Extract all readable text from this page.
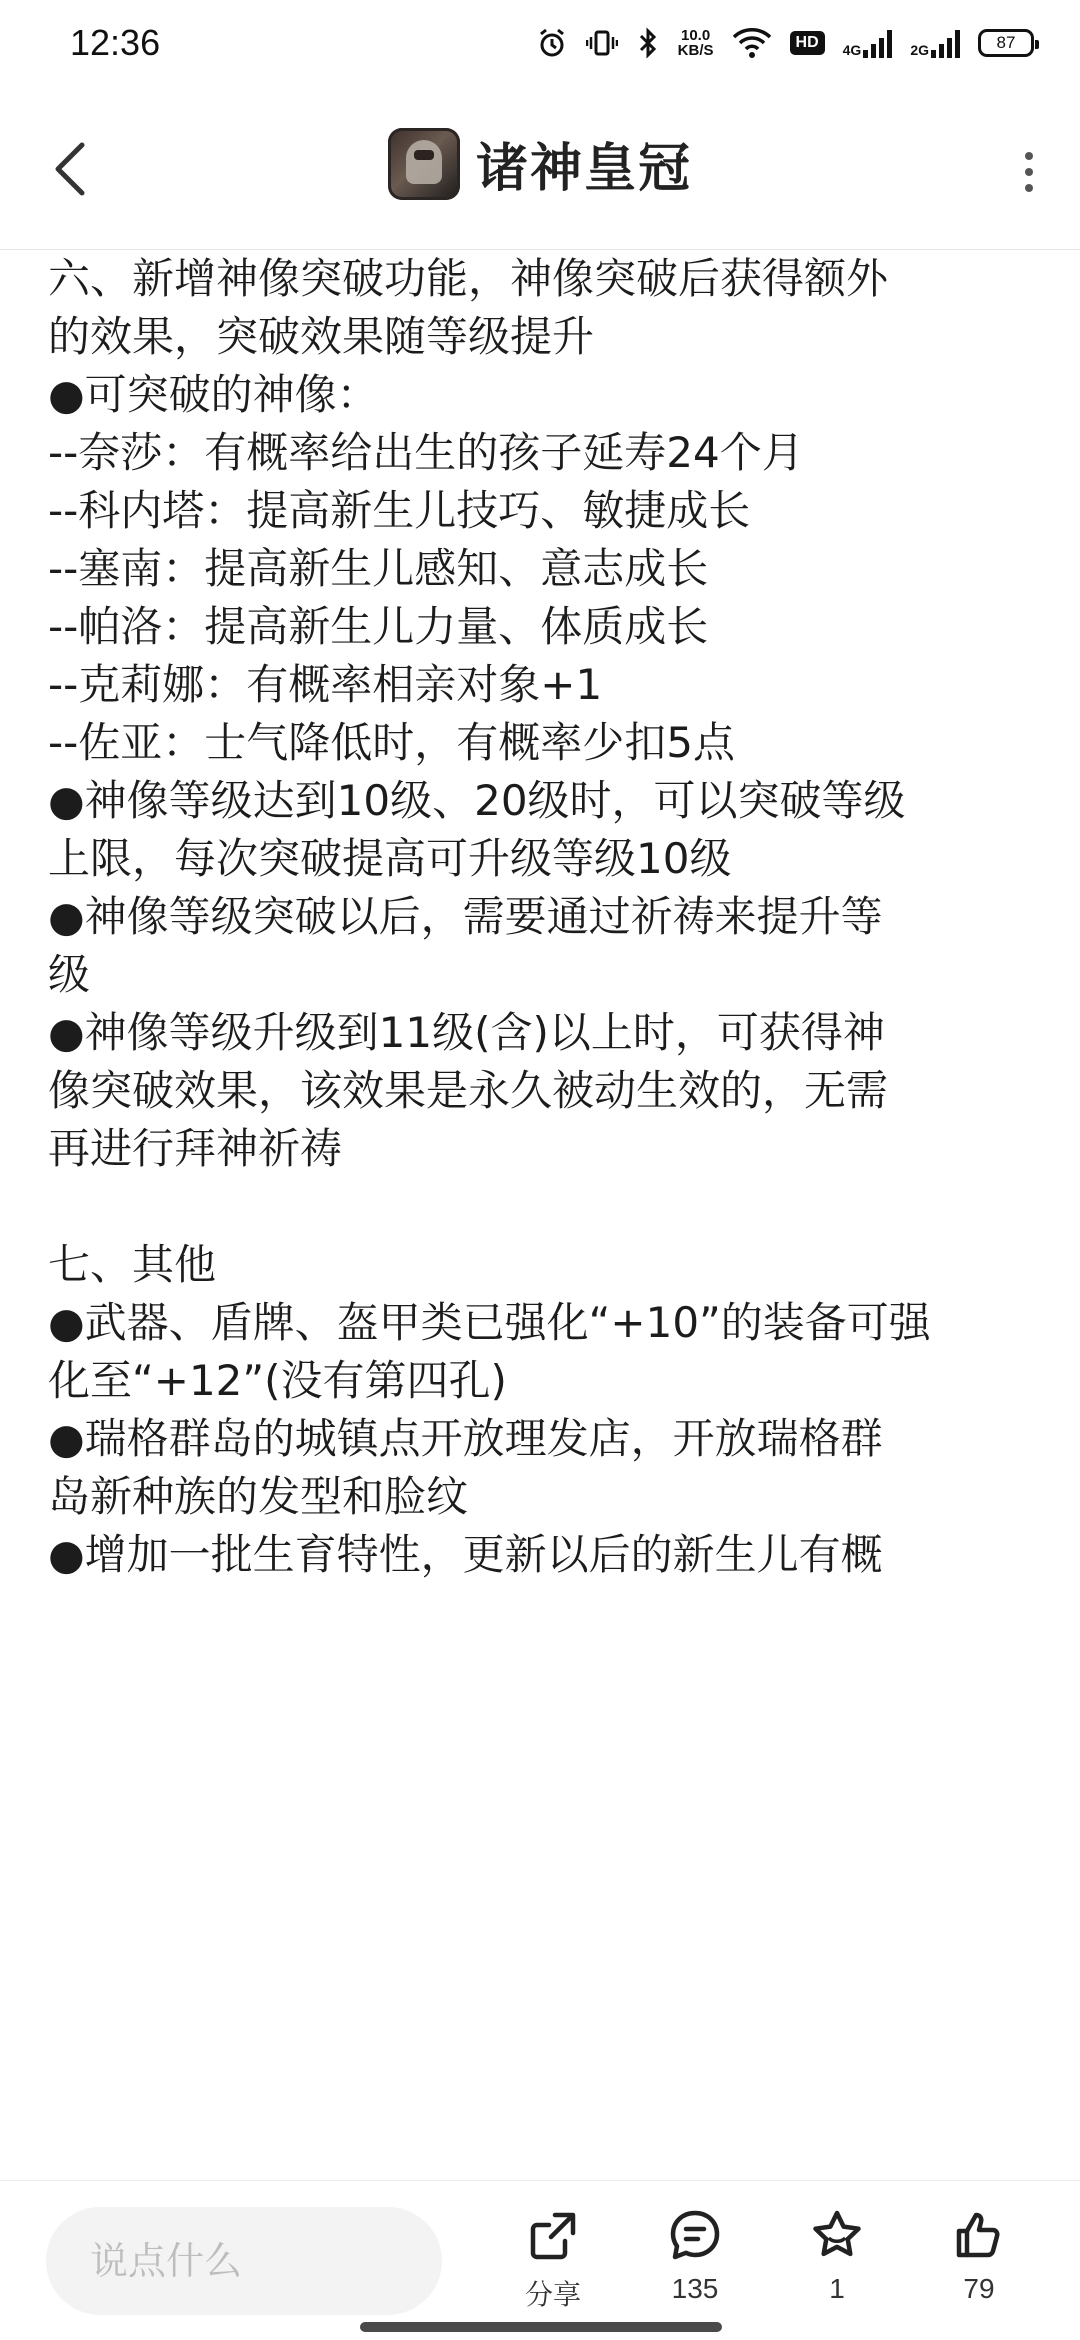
12:36	10.0
KB/S	HD	4G	2G	87
诸神皇冠

六、新增神像突破功能，神像突破后获得额外

的效果，突破效果随等级提升

●可突破的神像：

--奈莎：有概率给出生的孩子延寿24个月

--科内塔：提高新生儿技巧、敏捷成长

--塞南：提高新生儿感知、意志成长

--帕洛：提高新生儿力量、体质成长

--克莉娜：有概率相亲对象+1

--佐亚：士气降低时，有概率少扣5点

●神像等级达到10级、20级时，可以突破等级

上限，每次突破提高可升级等级10级

●神像等级突破以后，需要通过祈祷来提升等

级

●神像等级升级到11级(含)以上时，可获得神

像突破效果，该效果是永久被动生效的，无需

再进行拜神祈祷

七、其他

●武器、盾牌、盔甲类已强化“+10”的装备可强

化至“+12”(没有第四孔)

●瑞格群岛的城镇点开放理发店，开放瑞格群

岛新种族的发型和脸纹

●增加一批生育特性，更新以后的新生儿有概

说点什么
分享	135	1	79
